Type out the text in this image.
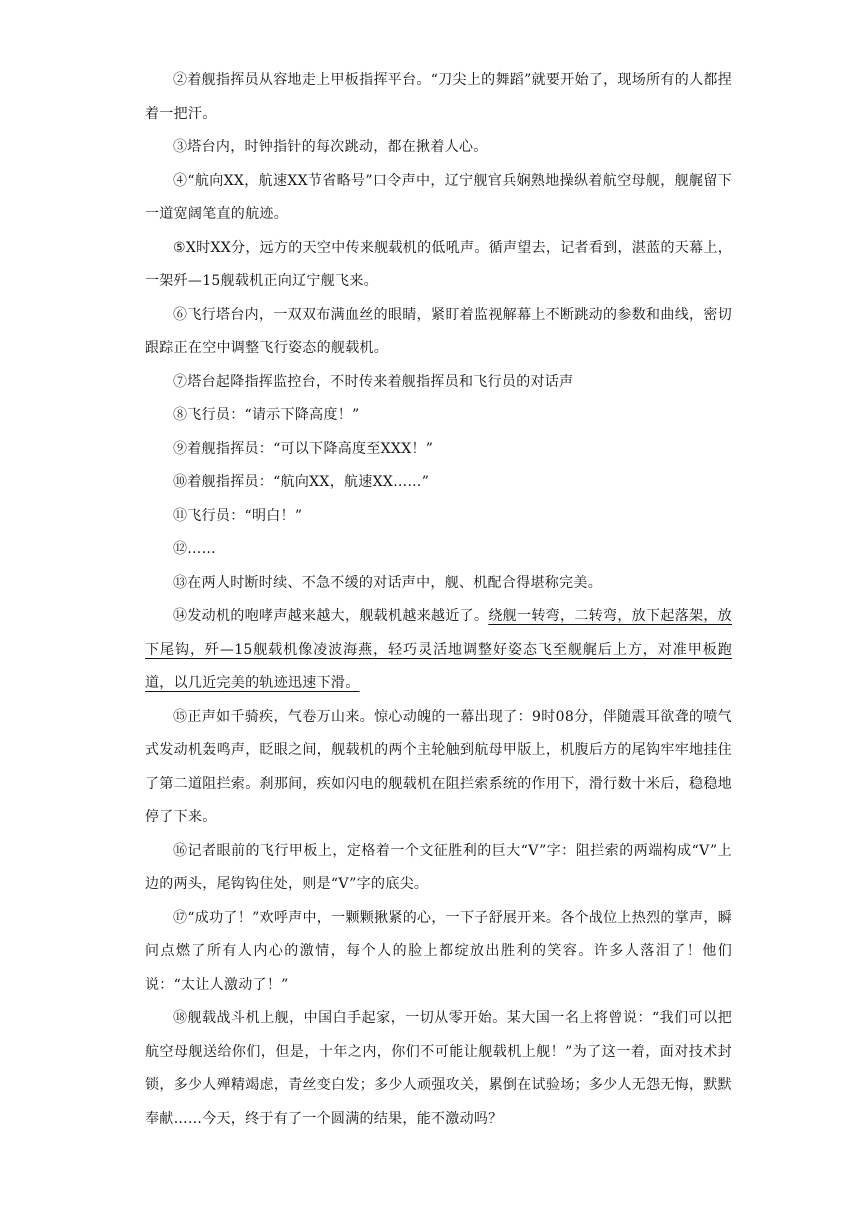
②着舰指挥员从容地走上甲板指挥平台。“刀尖上的舞蹈”就要开始了，现场所有的人都捏着一把汗。

③塔台内，时钟指针的每次跳动，都在揪着人心。

④“航向XX，航速XX节省略号”口令声中，辽宁舰官兵娴熟地操纵着航空母舰，舰艉留下一道宽阔笔直的航迹。

⑤X时XX分，远方的天空中传来舰载机的低吼声。循声望去，记者看到，湛蓝的天幕上，一架歼—15舰载机正向辽宁舰飞来。

⑥飞行塔台内，一双双布满血丝的眼睛，紧盯着监视解幕上不断跳动的参数和曲线，密切跟踪正在空中调整飞行姿态的舰载机。

⑦塔台起降指挥监控台，不时传来着舰指挥员和飞行员的对话声

⑧飞行员：“请示下降高度！”

⑨着舰指挥员：“可以下降高度至XXX！”

⑩着舰指挥员：“航向XX，航速XX……”

⑪飞行员：“明白！”

⑫……

⑬在两人时断时续、不急不缓的对话声中，舰、机配合得堪称完美。

⑭发动机的咆哮声越来越大，舰载机越来越近了。绕舰一转弯，二转弯，放下起落架，放下尾钩，歼—15舰载机像凌波海燕，轻巧灵活地调整好姿态飞至舰艉后上方，对准甲板跑道，以几近完美的轨迹迅速下滑。

⑮正声如千骑疾，气卷万山来。惊心动魄的一幕出现了：9时08分，伴随震耳欲聋的喷气式发动机轰鸣声，眨眼之间，舰载机的两个主轮触到航母甲版上，机腹后方的尾钩牢牢地挂住了第二道阻拦索。刹那间，疾如闪电的舰载机在阻拦索系统的作用下，滑行数十米后，稳稳地停了下来。

⑯记者眼前的飞行甲板上，定格着一个文征胜利的巨大“V”字：阻拦索的两端构成“V”上边的两头，尾钩钩住处，则是“V”字的底尖。

⑰“成功了！”欢呼声中，一颗颗揪紧的心，一下子舒展开来。各个战位上热烈的掌声，瞬问点燃了所有人内心的激情，每个人的脸上都绽放出胜利的笑容。许多人落泪了！他们说：“太让人激动了！”

⑱舰载战斗机上舰，中国白手起家，一切从零开始。某大国一名上将曾说：“我们可以把航空母舰送给你们，但是，十年之内，你们不可能让舰载机上舰！”为了这一着，面对技术封锁，多少人殚精竭虑，青丝变白发；多少人顽强攻关，累倒在试验场；多少人无怨无悔，默默奉献……今天，终于有了一个圆满的结果，能不激动吗？
